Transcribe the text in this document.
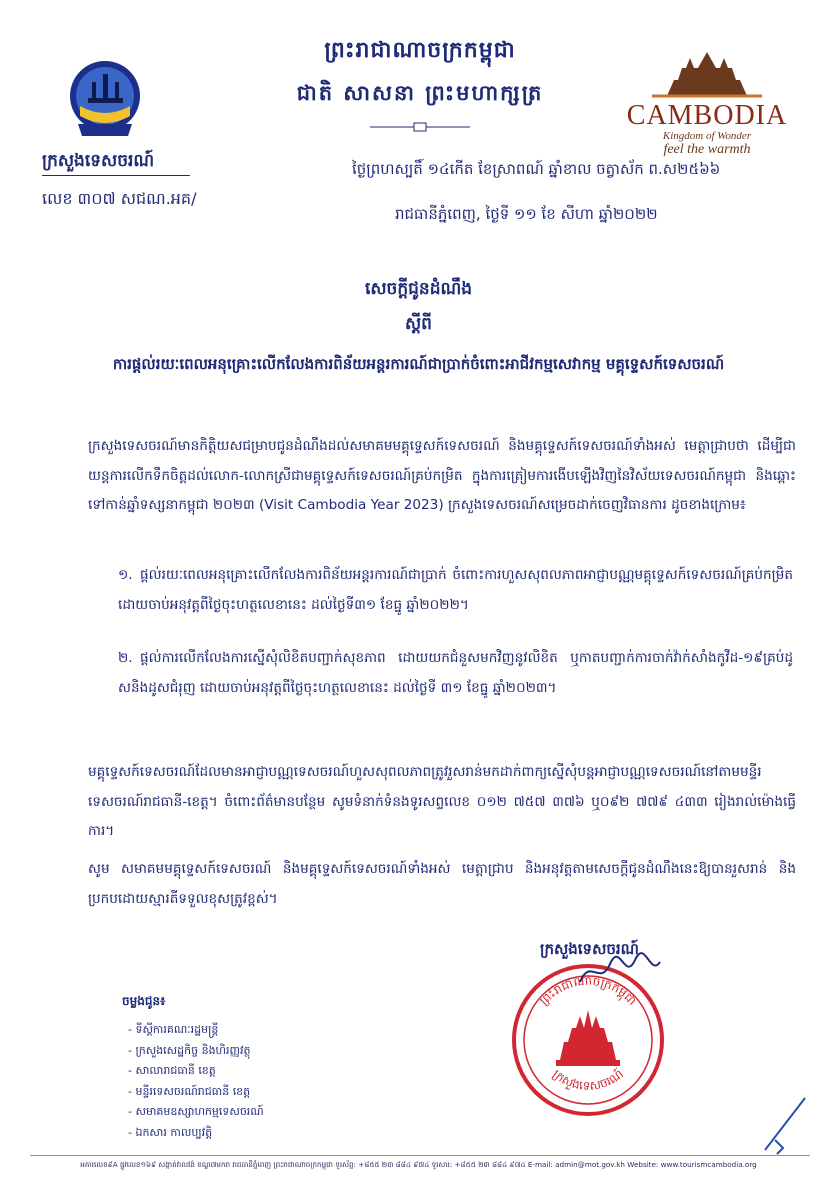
ព្រះរាជាណាចក្រកម្ពុជា
ជាតិ សាសនា ព្រះមហាក្សត្រ
CAMBODIA
Kingdom of Wonder
feel the warmth
ក្រសួងទេសចរណ៍
លេខ ៣០៧ សជណ.អគ/
ថ្ងៃព្រហស្បតិ៍ ១៤កើត ខែស្រាពណ៍ ឆ្នាំខាល ចត្វាស័ក ព.ស២៥៦៦
រាជធានីភ្នំពេញ, ថ្ងៃទី ១១ ខែ សីហា ឆ្នាំ២០២២
សេចក្តីជូនដំណឹង
ស្តីពី
ការផ្តល់រយៈពេលអនុគ្រោះលើកលែងការពិន័យអន្តរការណ៍ជាប្រាក់ចំពោះអាជីវកម្មសេវាកម្ម មគ្គុទ្ទេសក៍ទេសចរណ៍
ក្រសួងទេសចរណ៍មានកិត្តិយសជម្រាបជូនដំណឹងដល់សមាគមមគ្គុទ្ទេសក៍ទេសចរណ៍ និងមគ្គុទ្ទេសក៍ទេសចរណ៍ទាំងអស់ មេត្តាជ្រាបថា ដើម្បីជាយន្តការលើកទឹកចិត្តដល់លោក-លោកស្រីជាមគ្គុទ្ទេសក៍ទេសចរណ៍គ្រប់កម្រិត ក្នុងការត្រៀមការងើបឡើងវិញនៃវិស័យទេសចរណ៍កម្ពុជា និងឆ្ពោះទៅកាន់ឆ្នាំទស្សនាកម្ពុជា ២០២៣ (Visit Cambodia Year 2023) ក្រសួងទេសចរណ៍សម្រេចដាក់ចេញវិធានការ ដូចខាងក្រោម៖
១. ផ្តល់រយៈពេលអនុគ្រោះលើកលែងការពិន័យអន្តរការណ៍ជាប្រាក់ ចំពោះការហួសសុពលភាពអាជ្ញាបណ្ណមគ្គុទ្ទេសក៍ទេសចរណ៍គ្រប់កម្រិត ដោយចាប់អនុវត្តពីថ្ងៃចុះហត្ថលេខានេះ ដល់ថ្ងៃទី៣១ ខែធ្នូ ឆ្នាំ២០២២។
២. ផ្តល់ការលើកលែងការស្នើសុំលិខិតបញ្ជាក់សុខភាព ដោយយកជំនួសមកវិញនូវលិខិត ឬកាតបញ្ជាក់ការចាក់វ៉ាក់សាំងកូវីដ-១៩គ្រប់ដូសនិងដូសជំរុញ ដោយចាប់អនុវត្តពីថ្ងៃចុះហត្ថលេខានេះ ដល់ថ្ងៃទី ៣១ ខែធ្នូ ឆ្នាំ២០២៣។
មគ្គុទ្ទេសក៍ទេសចរណ៍ដែលមានអាជ្ញាបណ្ណទេសចរណ៍ហួសសុពលភាពត្រូវរួសរាន់មកដាក់ពាក្យស្នើសុំបន្តអាជ្ញាបណ្ណទេសចរណ៍នៅតាមមន្ទីរទេសចរណ៍រាជធានី-ខេត្ត។ ចំពោះព័ត៌មានបន្ថែម សូមទំនាក់ទំនងទូរសព្ទលេខ ០១២ ៧៥៧ ៣៧៦ ឬ០៩២ ៧៧៩ ៤៣៣ រៀងរាល់ម៉ោងធ្វើការ។
សូម សមាគមមគ្គុទ្ទេសក៍ទេសចរណ៍ និងមគ្គុទ្ទេសក៍ទេសចរណ៍ទាំងអស់ មេត្តាជ្រាប និងអនុវត្តតាមសេចក្តីជូនដំណឹងនេះឱ្យបានរួសរាន់ និងប្រកបដោយស្មារតីទទួលខុសត្រូវខ្ពស់។
ព្រះរាជាណាចក្រកម្ពុជា
ក្រសួងទេសចរណ៍
ក្រសួងទេសចរណ៍
ចម្លងជូន៖
- ទីស្តីការគណៈរដ្ឋមន្ត្រី
- ក្រសួងសេដ្ឋកិច្ច និងហិរញ្ញវត្ថុ
- សាលារាជធានី ខេត្ត
- មន្ទីរទេសចរណ៍រាជធានី ខេត្ត
- សមាគមឧស្សាហកម្មទេសចរណ៍
- ឯកសារ កាលប្បវត្តិ
អគារលេខ៩A ផ្លូវលេខ១៦៩ សង្កាត់វាលវង់ ខណ្ឌ៧មករា រាជធានីភ្នំពេញ ព្រះរាជាណាចក្រកម្ពុជា ទូរស័ព្ទ: +៨៥៥ ២៣ ៨៨៤ ៩៧៤ ទូរសារ: +៨៥៥ ២៣ ៨៨៤ ៩៧៤ E-mail: admin@mot.gov.kh Website: www.tourismcambodia.org
